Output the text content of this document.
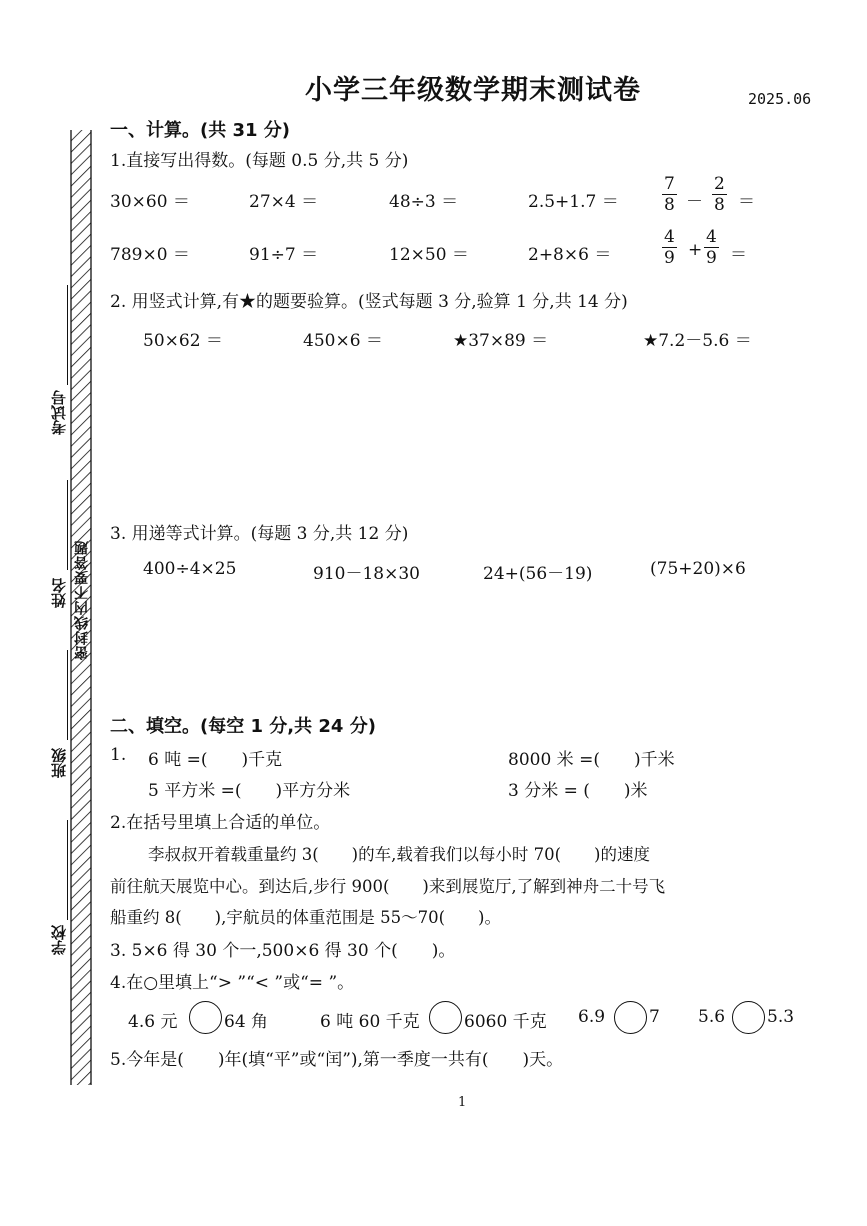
小学三年级数学期末测试卷	2025.06
考试号
姓名
班级
学校
密封线内不要答题
一、计算。(共 31 分)
1.直接写出得数。(每题 0.5 分,共 5 分)
30×60 ＝	27×4 ＝	48÷3 ＝	2.5+1.7 ＝	$\frac{7}{8} - \frac{2}{8}$ ＝
789×0 ＝	91÷7 ＝	12×50 ＝	2+8×6 ＝	$\frac{4}{9} + \frac{4}{9}$ ＝
2. 用竖式计算,有★的题要验算。(竖式每题 3 分,验算 1 分,共 14 分)
50×62 ＝	450×6 ＝	★37×89 ＝	★7.2－5.6 ＝
3. 用递等式计算。(每题 3 分,共 12 分)
400÷4×25	910－18×30	24+(56－19)	(75+20)×6
二、填空。(每空 1 分,共 24 分)
1. 6 吨 =(　　)千克	8000 米 =(　　)千米
5 平方米 =(　　)平方分米	3 分米 = (　　)米
2.在括号里填上合适的单位。
李叔叔开着载重量约 3(　　)的车,载着我们以每小时 70(　　)的速度
前往航天展览中心。到达后,步行 900(　　)来到展览厅,了解到神舟二十号飞
船重约 8(　　),宇航员的体重范围是 55～70(　　)。
3. 5×6 得 30 个一,500×6 得 30 个(　　)。
4.在○里填上“> ”“< ”或“= ”。
4.6 元	64 角	6 吨 60 千克	6060 千克 6.9	7 5.6 5.3
5.今年是(　　)年(填“平”或“闰”),第一季度一共有(　　)天。
1
